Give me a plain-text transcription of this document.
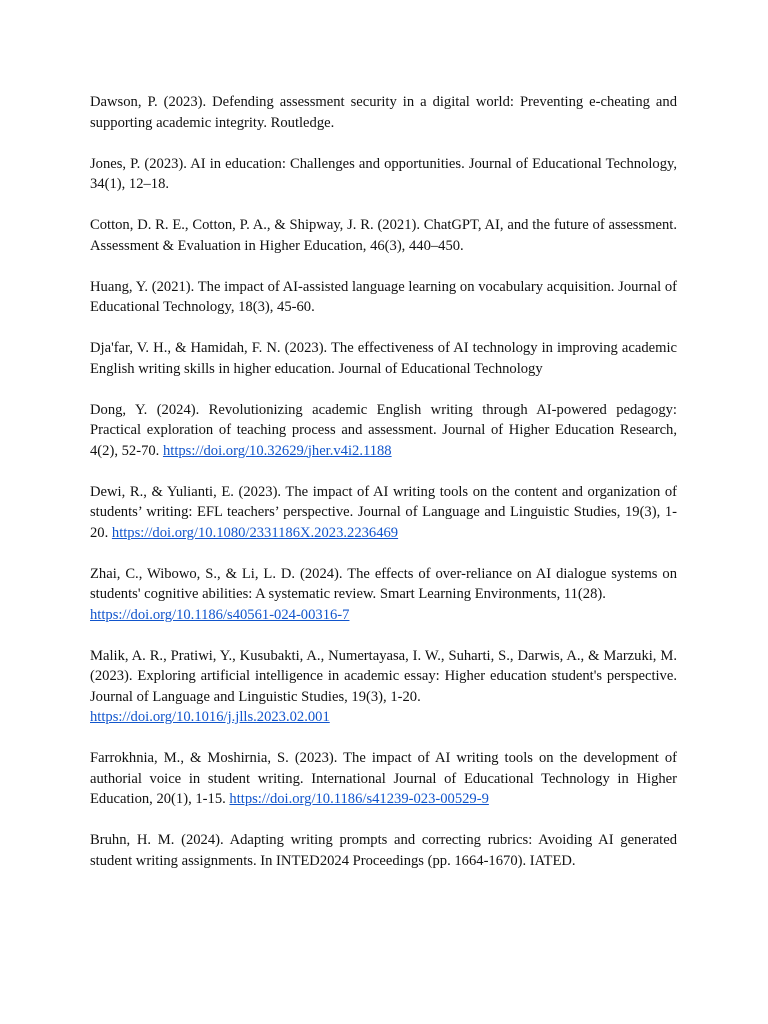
Dawson, P. (2023). Defending assessment security in a digital world: Preventing e-cheating and supporting academic integrity. Routledge.

Jones, P. (2023). AI in education: Challenges and opportunities. Journal of Educational Technology, 34(1), 12–18.

Cotton, D. R. E., Cotton, P. A., & Shipway, J. R. (2021). ChatGPT, AI, and the future of assessment. Assessment & Evaluation in Higher Education, 46(3), 440–450.

Huang, Y. (2021). The impact of AI-assisted language learning on vocabulary acquisition. Journal of Educational Technology, 18(3), 45-60.

Dja'far, V. H., & Hamidah, F. N. (2023). The effectiveness of AI technology in improving academic English writing skills in higher education. Journal of Educational Technology

Dong, Y. (2024). Revolutionizing academic English writing through AI-powered pedagogy: Practical exploration of teaching process and assessment. Journal of Higher Education Research, 4(2), 52-70. https://doi.org/10.32629/jher.v4i2.1188

Dewi, R., & Yulianti, E. (2023). The impact of AI writing tools on the content and organization of students’ writing: EFL teachers’ perspective. Journal of Language and Linguistic Studies, 19(3), 1-20. https://doi.org/10.1080/2331186X.2023.2236469

Zhai, C., Wibowo, S., & Li, L. D. (2024). The effects of over-reliance on AI dialogue systems on students' cognitive abilities: A systematic review. Smart Learning Environments, 11(28).
https://doi.org/10.1186/s40561-024-00316-7

Malik, A. R., Pratiwi, Y., Kusubakti, A., Numertayasa, I. W., Suharti, S., Darwis, A., & Marzuki, M. (2023). Exploring artificial intelligence in academic essay: Higher education student's perspective. Journal of Language and Linguistic Studies, 19(3), 1-20.
https://doi.org/10.1016/j.jlls.2023.02.001

Farrokhnia, M., & Moshirnia, S. (2023). The impact of AI writing tools on the development of authorial voice in student writing. International Journal of Educational Technology in Higher Education, 20(1), 1-15. https://doi.org/10.1186/s41239-023-00529-9

Bruhn, H. M. (2024). Adapting writing prompts and correcting rubrics: Avoiding AI generated student writing assignments. In INTED2024 Proceedings (pp. 1664-1670). IATED.
